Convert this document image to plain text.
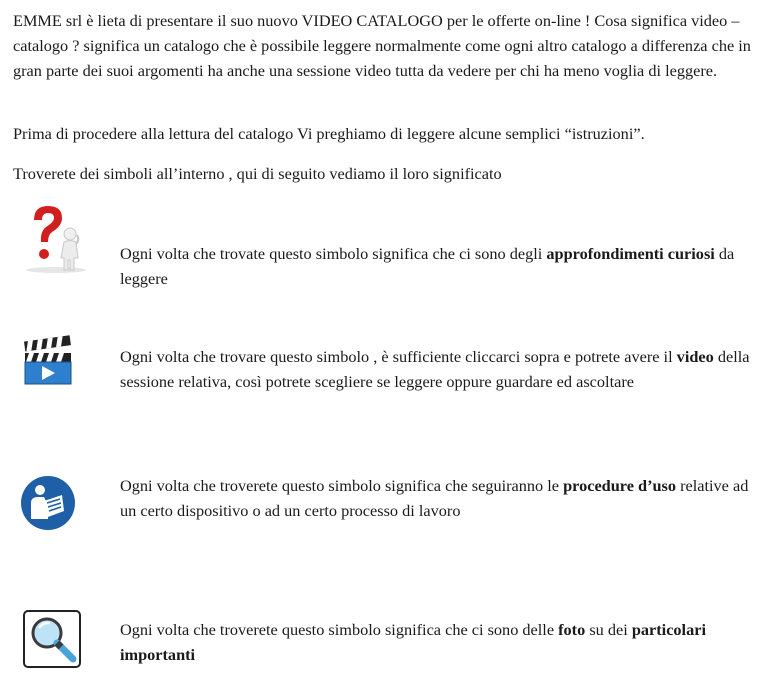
EMME srl è lieta di presentare il suo nuovo VIDEO CATALOGO per le offerte on-line ! Cosa significa video – catalogo ? significa un catalogo che è possibile leggere normalmente come ogni altro catalogo a differenza che in gran parte dei suoi argomenti ha anche una sessione video tutta da vedere per chi ha meno voglia di leggere.

Prima di procedere alla lettura del catalogo Vi preghiamo di leggere alcune semplici “istruzioni”.

Troverete dei simboli all’interno , qui di seguito vediamo il loro significato

Ogni volta che trovate questo simbolo significa che ci sono degli approfondimenti curiosi da leggere

Ogni volta che trovare questo simbolo , è sufficiente cliccarci sopra e potrete avere il video della sessione relativa, così potrete scegliere se leggere oppure guardare ed ascoltare

Ogni volta che troverete questo simbolo significa che seguiranno le procedure d’uso relative ad un certo dispositivo o ad un certo processo di lavoro

Ogni volta che troverete questo simbolo significa che ci sono delle foto su dei particolari importanti
